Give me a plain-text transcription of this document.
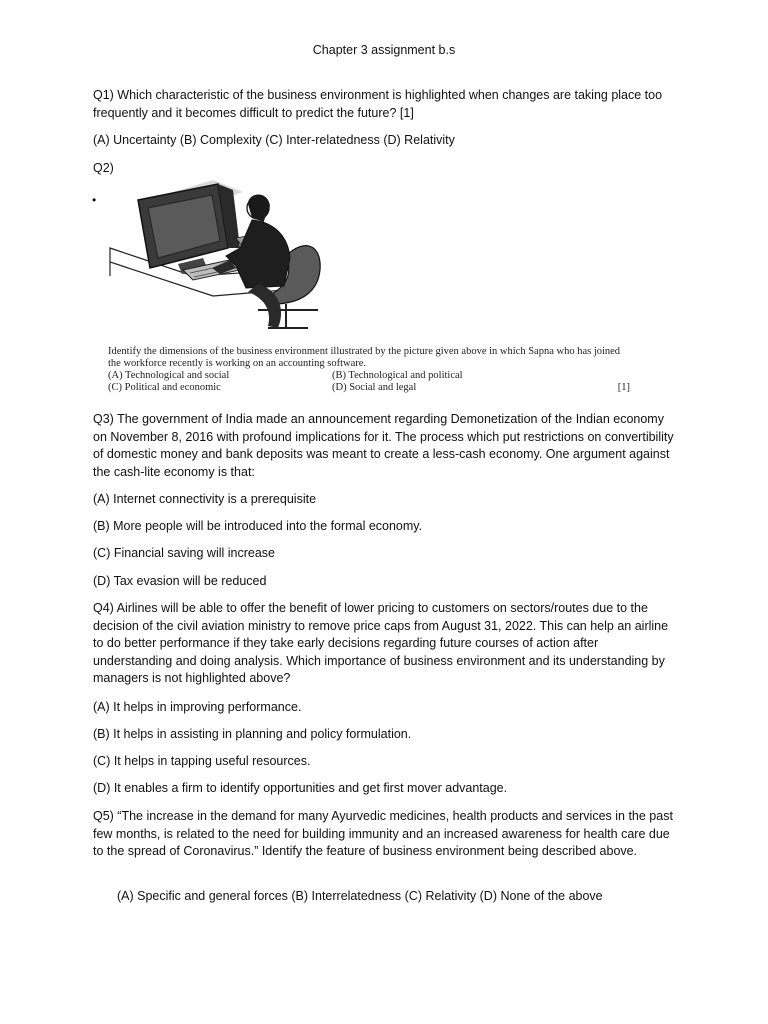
Chapter 3 assignment b.s

Q1) Which characteristic of the business environment is highlighted when changes are taking place too frequently and it becomes difficult to predict the future? [1]

(A) Uncertainty (B) Complexity (C) Inter-relatedness (D) Relativity

Q2)

•
Identify the dimensions of the business environment illustrated by the picture given above in which Sapna who has joined the workforce recently is working on an accounting software.
(A) Technological and social	(B) Technological and political
(C) Political and economic	(D) Social and legal	[1]

Q3) The government of India made an announcement regarding Demonetization of the Indian economy on November 8, 2016 with profound implications for it. The process which put restrictions on convertibility of domestic money and bank deposits was meant to create a less-cash economy. One argument against the cash-lite economy is that:

(A) Internet connectivity is a prerequisite

(B) More people will be introduced into the formal economy.

(C) Financial saving will increase

(D) Tax evasion will be reduced

Q4) Airlines will be able to offer the benefit of lower pricing to customers on sectors/routes due to the decision of the civil aviation ministry to remove price caps from August 31, 2022. This can help an airline to do better performance if they take early decisions regarding future courses of action after understanding and doing analysis. Which importance of business environment and its understanding by managers is not highlighted above?

(A) It helps in improving performance.

(B) It helps in assisting in planning and policy formulation.

(C) It helps in tapping useful resources.

(D) It enables a firm to identify opportunities and get first mover advantage.

Q5) “The increase in the demand for many Ayurvedic medicines, health products and services in the past few months, is related to the need for building immunity and an increased awareness for health care due to the spread of Coronavirus.” Identify the feature of business environment being described above.

(A) Specific and general forces (B) Interrelatedness (C) Relativity (D) None of the above
